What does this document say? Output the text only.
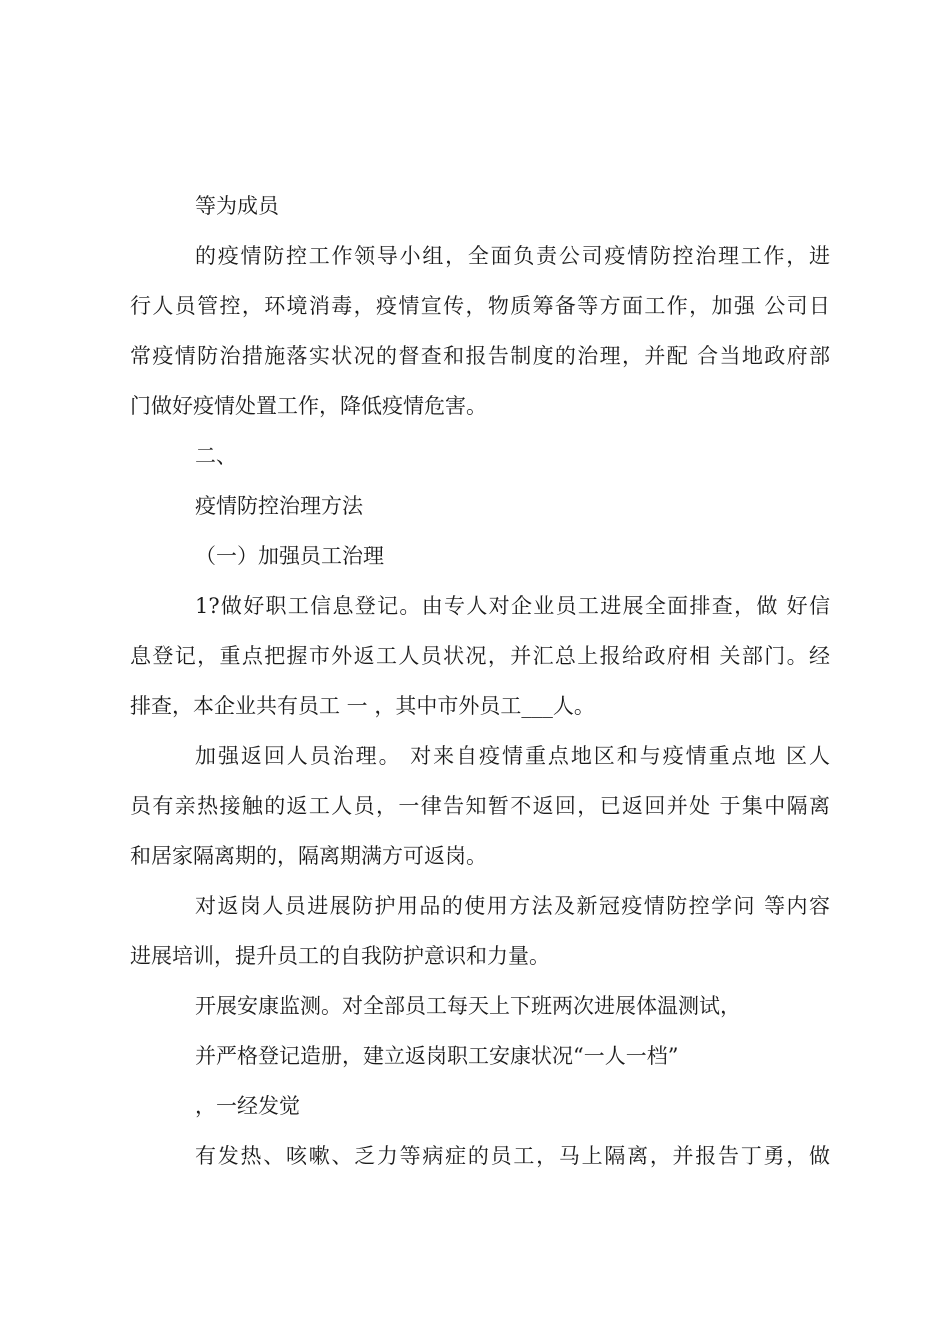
等为成员
的疫情防控工作领导小组，全面负责公司疫情防控治理工作，进
行人员管控，环境消毒，疫情宣传，物质筹备等方面工作，加强 公司日
常疫情防治措施落实状况的督查和报告制度的治理，并配 合当地政府部
门做好疫情处置工作，降低疫情危害。
二、
疫情防控治理方法
（一）加强员工治理
1?做好职工信息登记。由专人对企业员工进展全面排查，做 好信
息登记，重点把握市外返工人员状况，并汇总上报给政府相 关部门。经
排查，本企业共有员工 一 ，其中市外员工___人。
加强返回人员治理。 对来自疫情重点地区和与疫情重点地 区人
员有亲热接触的返工人员，一律告知暂不返回，已返回并处 于集中隔离
和居家隔离期的，隔离期满方可返岗。
对返岗人员进展防护用品的使用方法及新冠疫情防控学问 等内容
进展培训，提升员工的自我防护意识和力量。
开展安康监测。对全部员工每天上下班两次进展体温测试，
并严格登记造册，建立返岗职工安康状况“一人一档”
，一经发觉
有发热、咳嗽、乏力等病症的员工，马上隔离，并报告丁勇，做
